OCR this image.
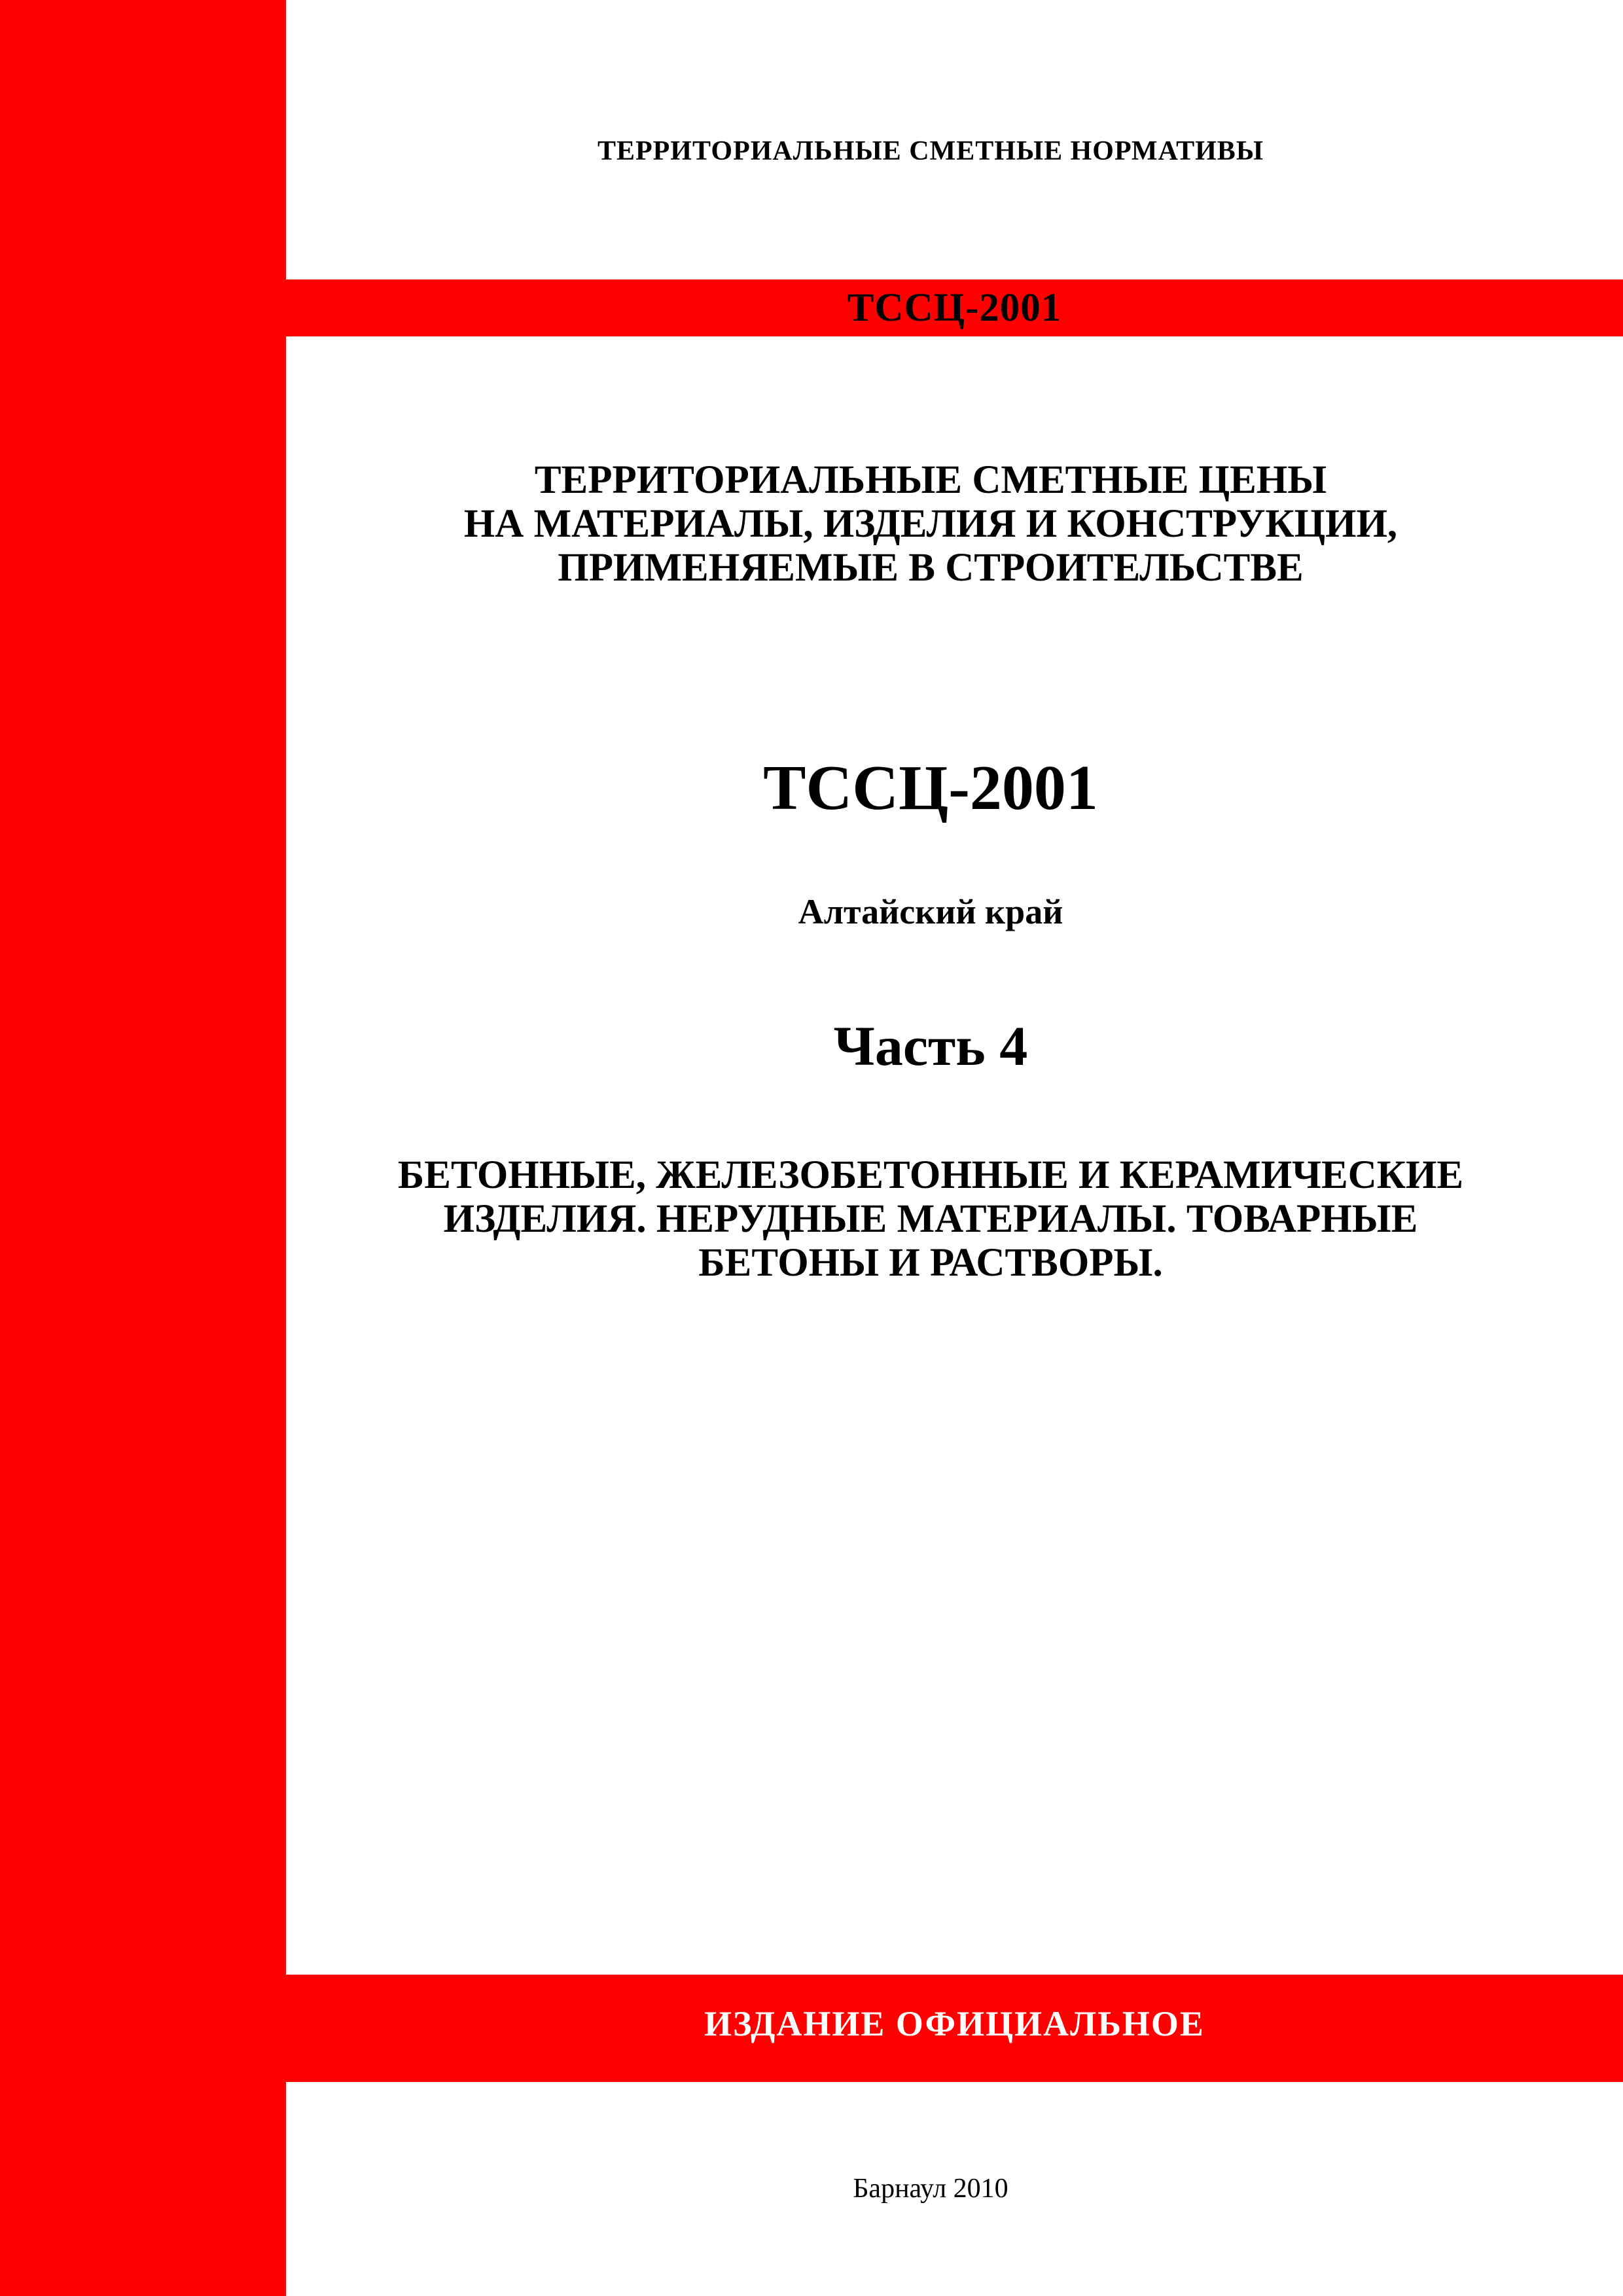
ТЕРРИТОРИАЛЬНЫЕ СМЕТНЫЕ НОРМАТИВЫ
ТССЦ-2001
ТЕРРИТОРИАЛЬНЫЕ СМЕТНЫЕ ЦЕНЫ
НА МАТЕРИАЛЫ, ИЗДЕЛИЯ И КОНСТРУКЦИИ,
ПРИМЕНЯЕМЫЕ В СТРОИТЕЛЬСТВЕ
ТССЦ-2001
Алтайский край
Часть 4
БЕТОННЫЕ, ЖЕЛЕЗОБЕТОННЫЕ И КЕРАМИЧЕСКИЕ
ИЗДЕЛИЯ. НЕРУДНЫЕ МАТЕРИАЛЫ. ТОВАРНЫЕ
БЕТОНЫ И РАСТВОРЫ.
ИЗДАНИЕ ОФИЦИАЛЬНОЕ
Барнаул 2010
